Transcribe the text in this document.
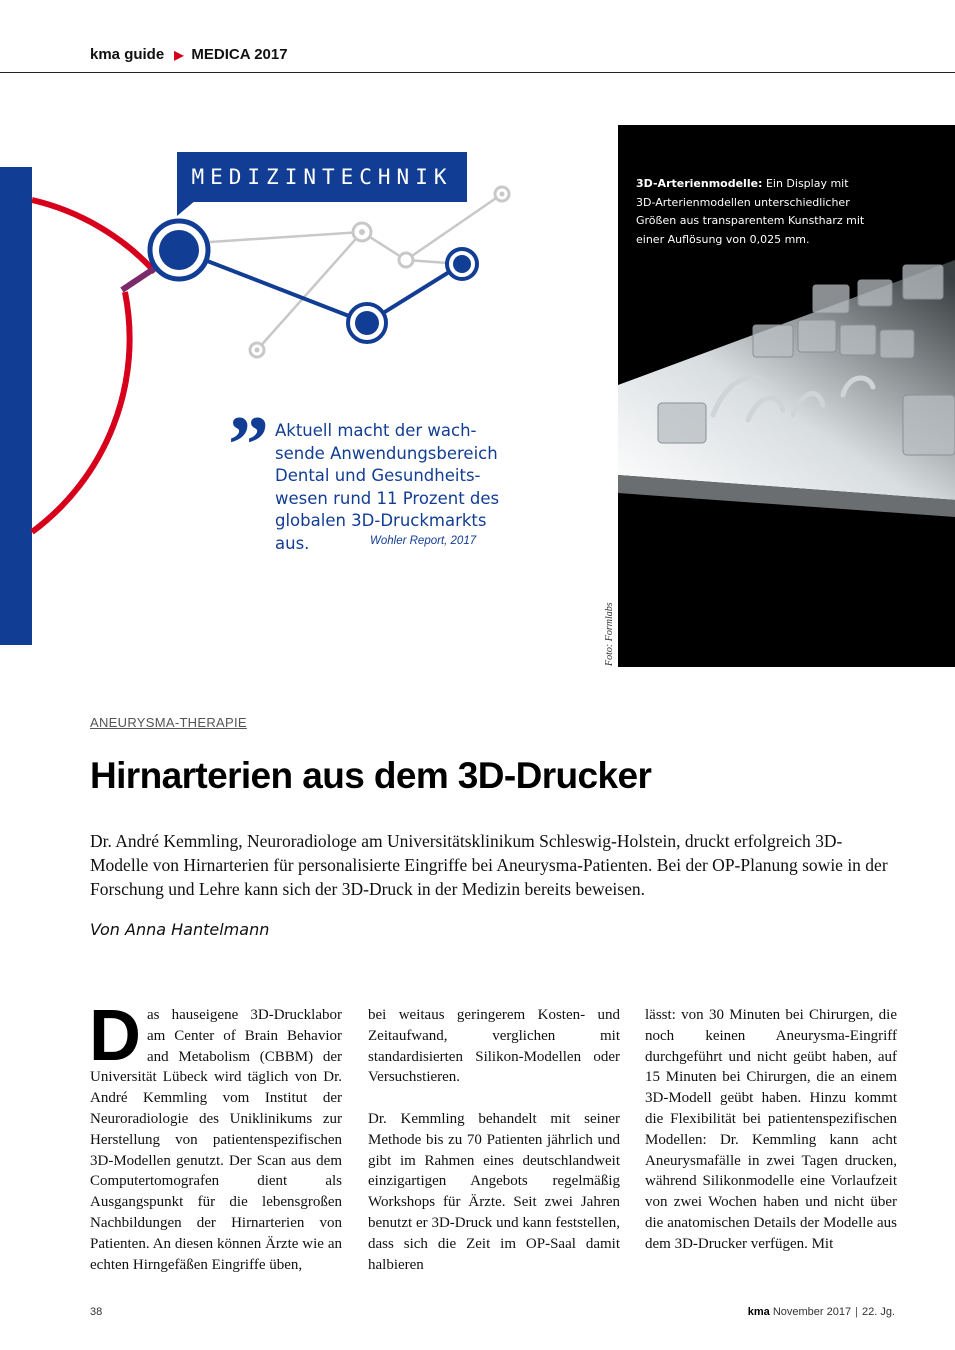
kma guide ▶ MEDICA 2017
MEDIZINTECHNIK
” Aktuell macht der wach-sende Anwendungsbereich Dental und Gesundheits-wesen rund 11 Prozent des globalen 3D-Druckmarkts aus.	Wohler Report, 2017
3D-Arterienmodelle: Ein Display mit 3D-Arterienmodellen unterschiedlicher Größen aus transparentem Kunstharz mit einer Auflösung von 0,025 mm.
Foto: Formlabs
ANEURYSMA-THERAPIE
Hirnarterien aus dem 3D-Drucker

Dr. André Kemmling, Neuroradiologe am Universitätsklinikum Schleswig-Holstein, druckt erfolgreich 3D-Modelle von Hirnarterien für personalisierte Eingriffe bei Aneurysma-Patienten. Bei der OP-Planung sowie in der Forschung und Lehre kann sich der 3D-Druck in der Medizin bereits beweisen.

Von Anna Hantelmann

Das hauseigene 3D-Drucklabor am Center of Brain Behavior and Metabolism (CBBM) der Universität Lübeck wird täglich von Dr. André Kemmling vom Institut der Neuroradiologie des Uniklinikums zur Herstellung von patientenspezifischen 3D-Modellen genutzt. Der Scan aus dem Computertomografen dient als Ausgangspunkt für die lebensgroßen Nachbildungen der Hirnarterien von Patienten. An diesen können Ärzte wie an echten Hirngefäßen Eingriffe üben,

bei weitaus geringerem Kosten- und Zeitaufwand, verglichen mit standardisierten Silikon-Modellen oder Versuchstieren.

Dr. Kemmling behandelt mit seiner Methode bis zu 70 Patienten jährlich und gibt im Rahmen eines deutschlandweit einzigartigen Angebots regelmäßig Workshops für Ärzte. Seit zwei Jahren benutzt er 3D-Druck und kann feststellen, dass sich die Zeit im OP-Saal damit halbieren

lässt: von 30 Minuten bei Chirurgen, die noch keinen Aneurysma-Eingriff durchgeführt und nicht geübt haben, auf 15 Minuten bei Chirurgen, die an einem 3D-Modell geübt haben. Hinzu kommt die Flexibilität bei patientenspezifischen Modellen: Dr. Kemmling kann acht Aneurysmafälle in zwei Tagen drucken, während Silikonmodelle eine Vorlaufzeit von zwei Wochen haben und nicht über die anatomischen Details der Modelle aus dem 3D-Drucker verfügen. Mit

38	kma November 2017 | 22. Jg.
